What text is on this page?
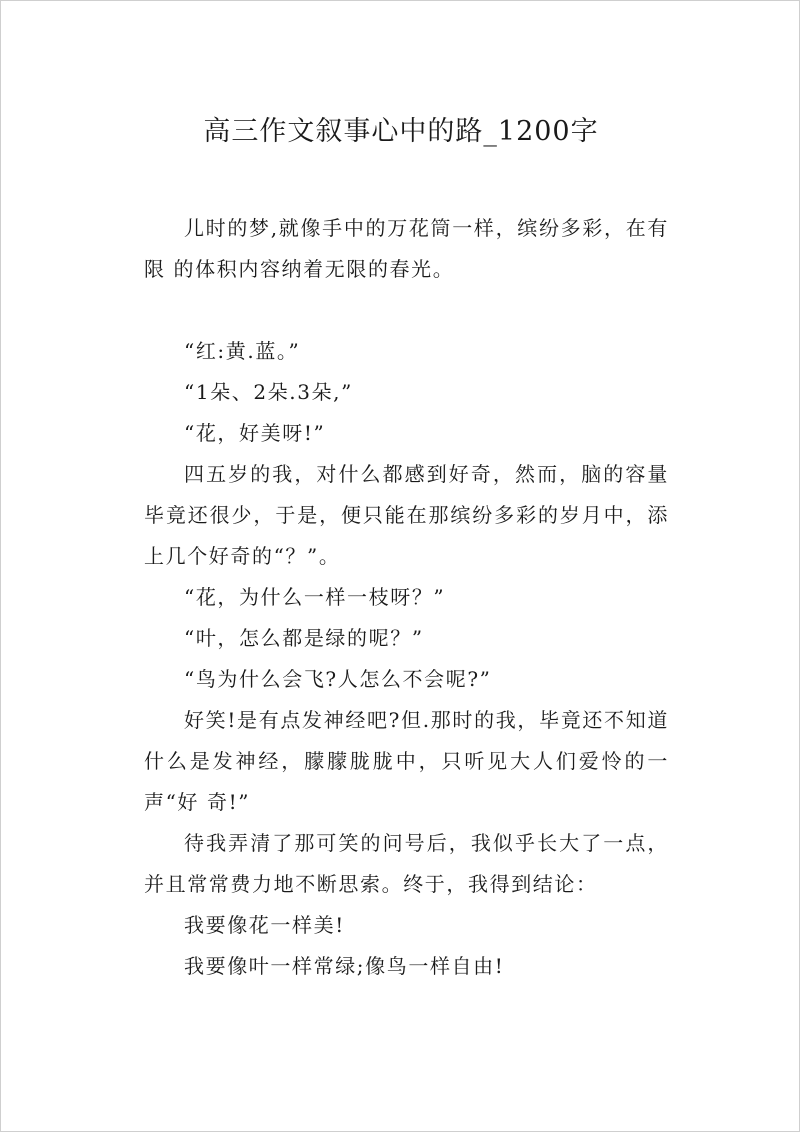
高三作文叙事心中的路_1200字

儿时的梦,就像手中的万花筒一样，缤纷多彩，在有限 的体积内容纳着无限的春光。

“红:黄.蓝。”

“1朵、2朵.3朵,”

“花，好美呀!”

四五岁的我，对什么都感到好奇，然而，脑的容量毕竟还很少，于是，便只能在那缤纷多彩的岁月中，添上几个好奇的“？”。

“花，为什么一样一枝呀？”

“叶，怎么都是绿的呢？”

“鸟为什么会飞?人怎么不会呢?”

好笑!是有点发神经吧?但.那时的我，毕竟还不知道什么是发神经，朦朦胧胧中，只听见大人们爱怜的一声“好 奇!”

待我弄清了那可笑的问号后，我似乎长大了一点，并且常常费力地不断思索。终于，我得到结论：

我要像花一样美!

我要像叶一样常绿;像鸟一样自由!
